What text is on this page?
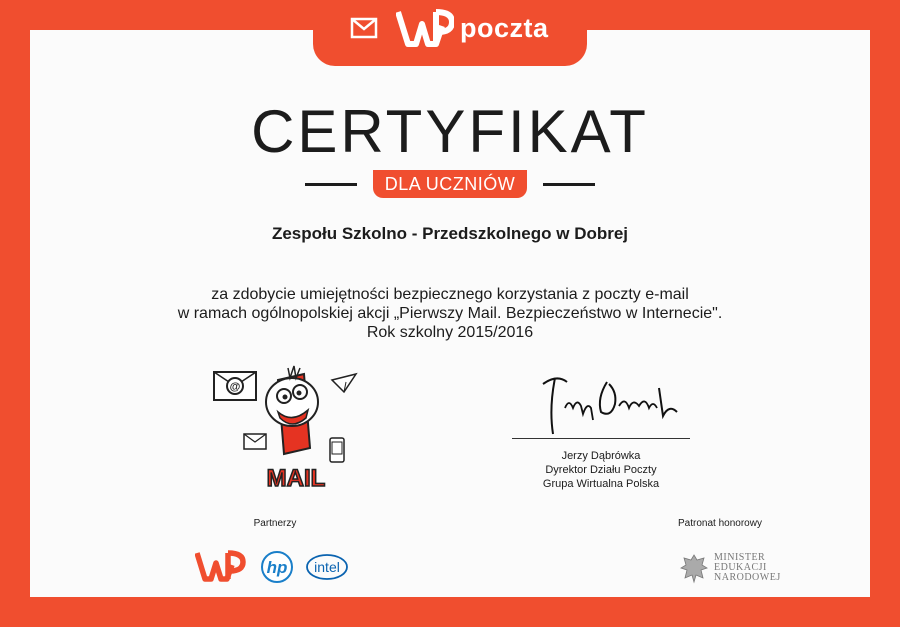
poczta
CERTYFIKAT
DLA UCZNIÓW
Zespołu Szkolno - Przedszkolnego w Dobrej
za zdobycie umiejętności bezpiecznego korzystania z poczty e-mail
w ramach ogólnopolskiej akcji „Pierwszy Mail. Bezpieczeństwo w Internecie".
Rok szkolny 2015/2016
@
MAIL
Jerzy Dąbrówka
Dyrektor Działu Poczty
Grupa Wirtualna Polska
Partnerzy
hp intel
Patronat honorowy
MINISTER
EDUKACJI
NARODOWEJ
